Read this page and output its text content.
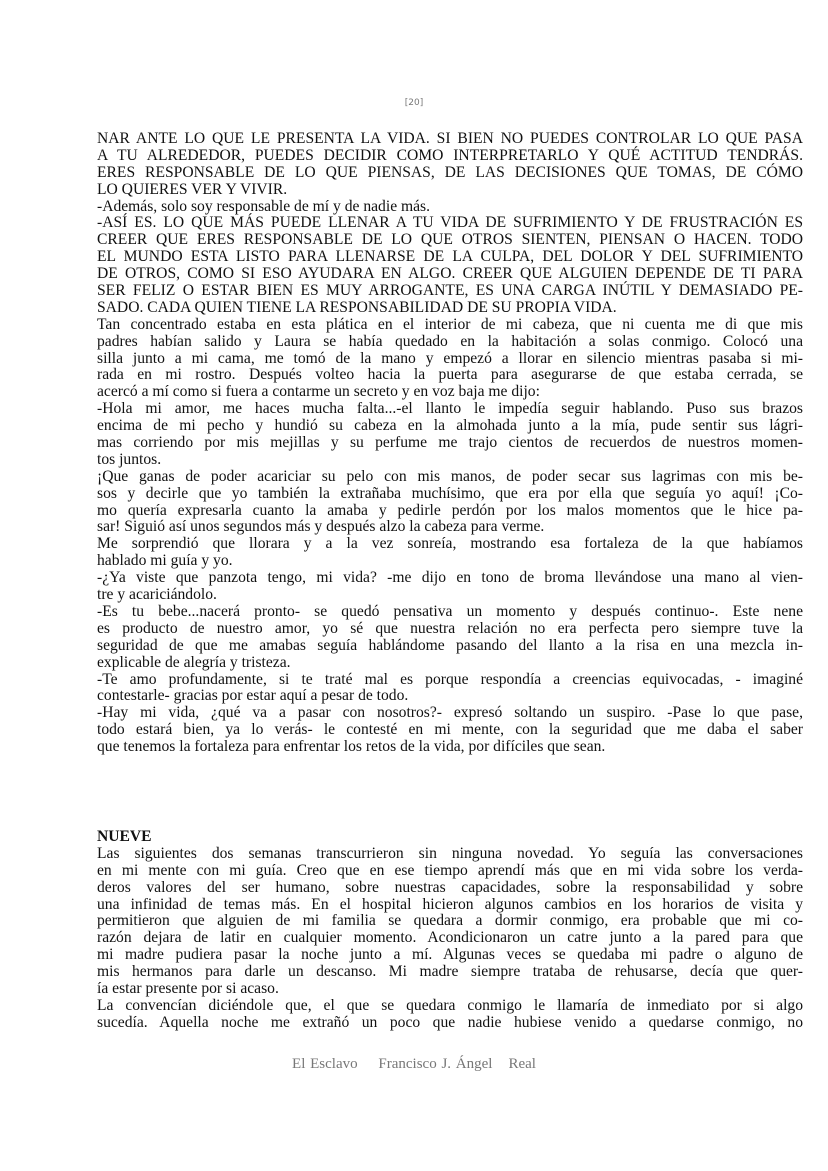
[20]
NAR ANTE LO QUE LE PRESENTA LA VIDA. SI BIEN NO PUEDES CONTROLAR LO QUE PASA
A TU ALREDEDOR, PUEDES DECIDIR COMO INTERPRETARLO Y QUÉ ACTITUD TENDRÁS.
ERES RESPONSABLE DE LO QUE PIENSAS, DE LAS DECISIONES QUE TOMAS, DE CÓMO
LO QUIERES VER Y VIVIR.
-Además, solo soy responsable de mí y de nadie más.
-ASÍ ES. LO QUE MÁS PUEDE LLENAR A TU VIDA DE SUFRIMIENTO Y DE FRUSTRACIÓN ES
CREER QUE ERES RESPONSABLE DE LO QUE OTROS SIENTEN, PIENSAN O HACEN. TODO
EL MUNDO ESTA LISTO PARA LLENARSE DE LA CULPA, DEL DOLOR Y DEL SUFRIMIENTO
DE OTROS, COMO SI ESO AYUDARA EN ALGO. CREER QUE ALGUIEN DEPENDE DE TI PARA
SER FELIZ O ESTAR BIEN ES MUY ARROGANTE, ES UNA CARGA INÚTIL Y DEMASIADO PE-
SADO. CADA QUIEN TIENE LA RESPONSABILIDAD DE SU PROPIA VIDA.
Tan concentrado estaba en esta plática en el interior de mi cabeza, que ni cuenta me di que mis
padres habían salido y Laura se había quedado en la habitación a solas conmigo. Colocó una
silla junto a mi cama, me tomó de la mano y empezó a llorar en silencio mientras pasaba si mi-
rada en mi rostro. Después volteo hacia la puerta para asegurarse de que estaba cerrada, se
acercó a mí como si fuera a contarme un secreto y en voz baja me dijo:
-Hola mi amor, me haces mucha falta...-el llanto le impedía seguir hablando. Puso sus brazos
encima de mi pecho y hundió su cabeza en la almohada junto a la mía, pude sentir sus lágri-
mas corriendo por mis mejillas y su perfume me trajo cientos de recuerdos de nuestros momen-
tos juntos.
¡Que ganas de poder acariciar su pelo con mis manos, de poder secar sus lagrimas con mis be-
sos y decirle que yo también la extrañaba muchísimo, que era por ella que seguía yo aquí! ¡Co-
mo quería expresarla cuanto la amaba y pedirle perdón por los malos momentos que le hice pa-
sar! Siguió así unos segundos más y después alzo la cabeza para verme.
Me sorprendió que llorara y a la vez sonreía, mostrando esa fortaleza de la que habíamos
hablado mi guía y yo.
-¿Ya viste que panzota tengo, mi vida? -me dijo en tono de broma llevándose una mano al vien-
tre y acariciándolo.
-Es tu bebe...nacerá pronto- se quedó pensativa un momento y después continuo-. Este nene
es producto de nuestro amor, yo sé que nuestra relación no era perfecta pero siempre tuve la
seguridad de que me amabas seguía hablándome pasando del llanto a la risa en una mezcla in-
explicable de alegría y tristeza.
-Te amo profundamente, si te traté mal es porque respondía a creencias equivocadas, - imaginé
contestarle- gracias por estar aquí a pesar de todo.
-Hay mi vida, ¿qué va a pasar con nosotros?- expresó soltando un suspiro. -Pase lo que pase,
todo estará bien, ya lo verás- le contesté en mi mente, con la seguridad que me daba el saber
que tenemos la fortaleza para enfrentar los retos de la vida, por difíciles que sean.
NUEVE
Las siguientes dos semanas transcurrieron sin ninguna novedad. Yo seguía las conversaciones
en mi mente con mi guía. Creo que en ese tiempo aprendí más que en mi vida sobre los verda-
deros valores del ser humano, sobre nuestras capacidades, sobre la responsabilidad y sobre
una infinidad de temas más. En el hospital hicieron algunos cambios en los horarios de visita y
permitieron que alguien de mi familia se quedara a dormir conmigo, era probable que mi co-
razón dejara de latir en cualquier momento. Acondicionaron un catre junto a la pared para que
mi madre pudiera pasar la noche junto a mí. Algunas veces se quedaba mi padre o alguno de
mis hermanos para darle un descanso. Mi madre siempre trataba de rehusarse, decía que quer-
ía estar presente por si acaso.
La convencían diciéndole que, el que se quedara conmigo le llamaría de inmediato por si algo
sucedía. Aquella noche me extrañó un poco que nadie hubiese venido a quedarse conmigo, no
El Esclavo Francisco J. Ángel Real
